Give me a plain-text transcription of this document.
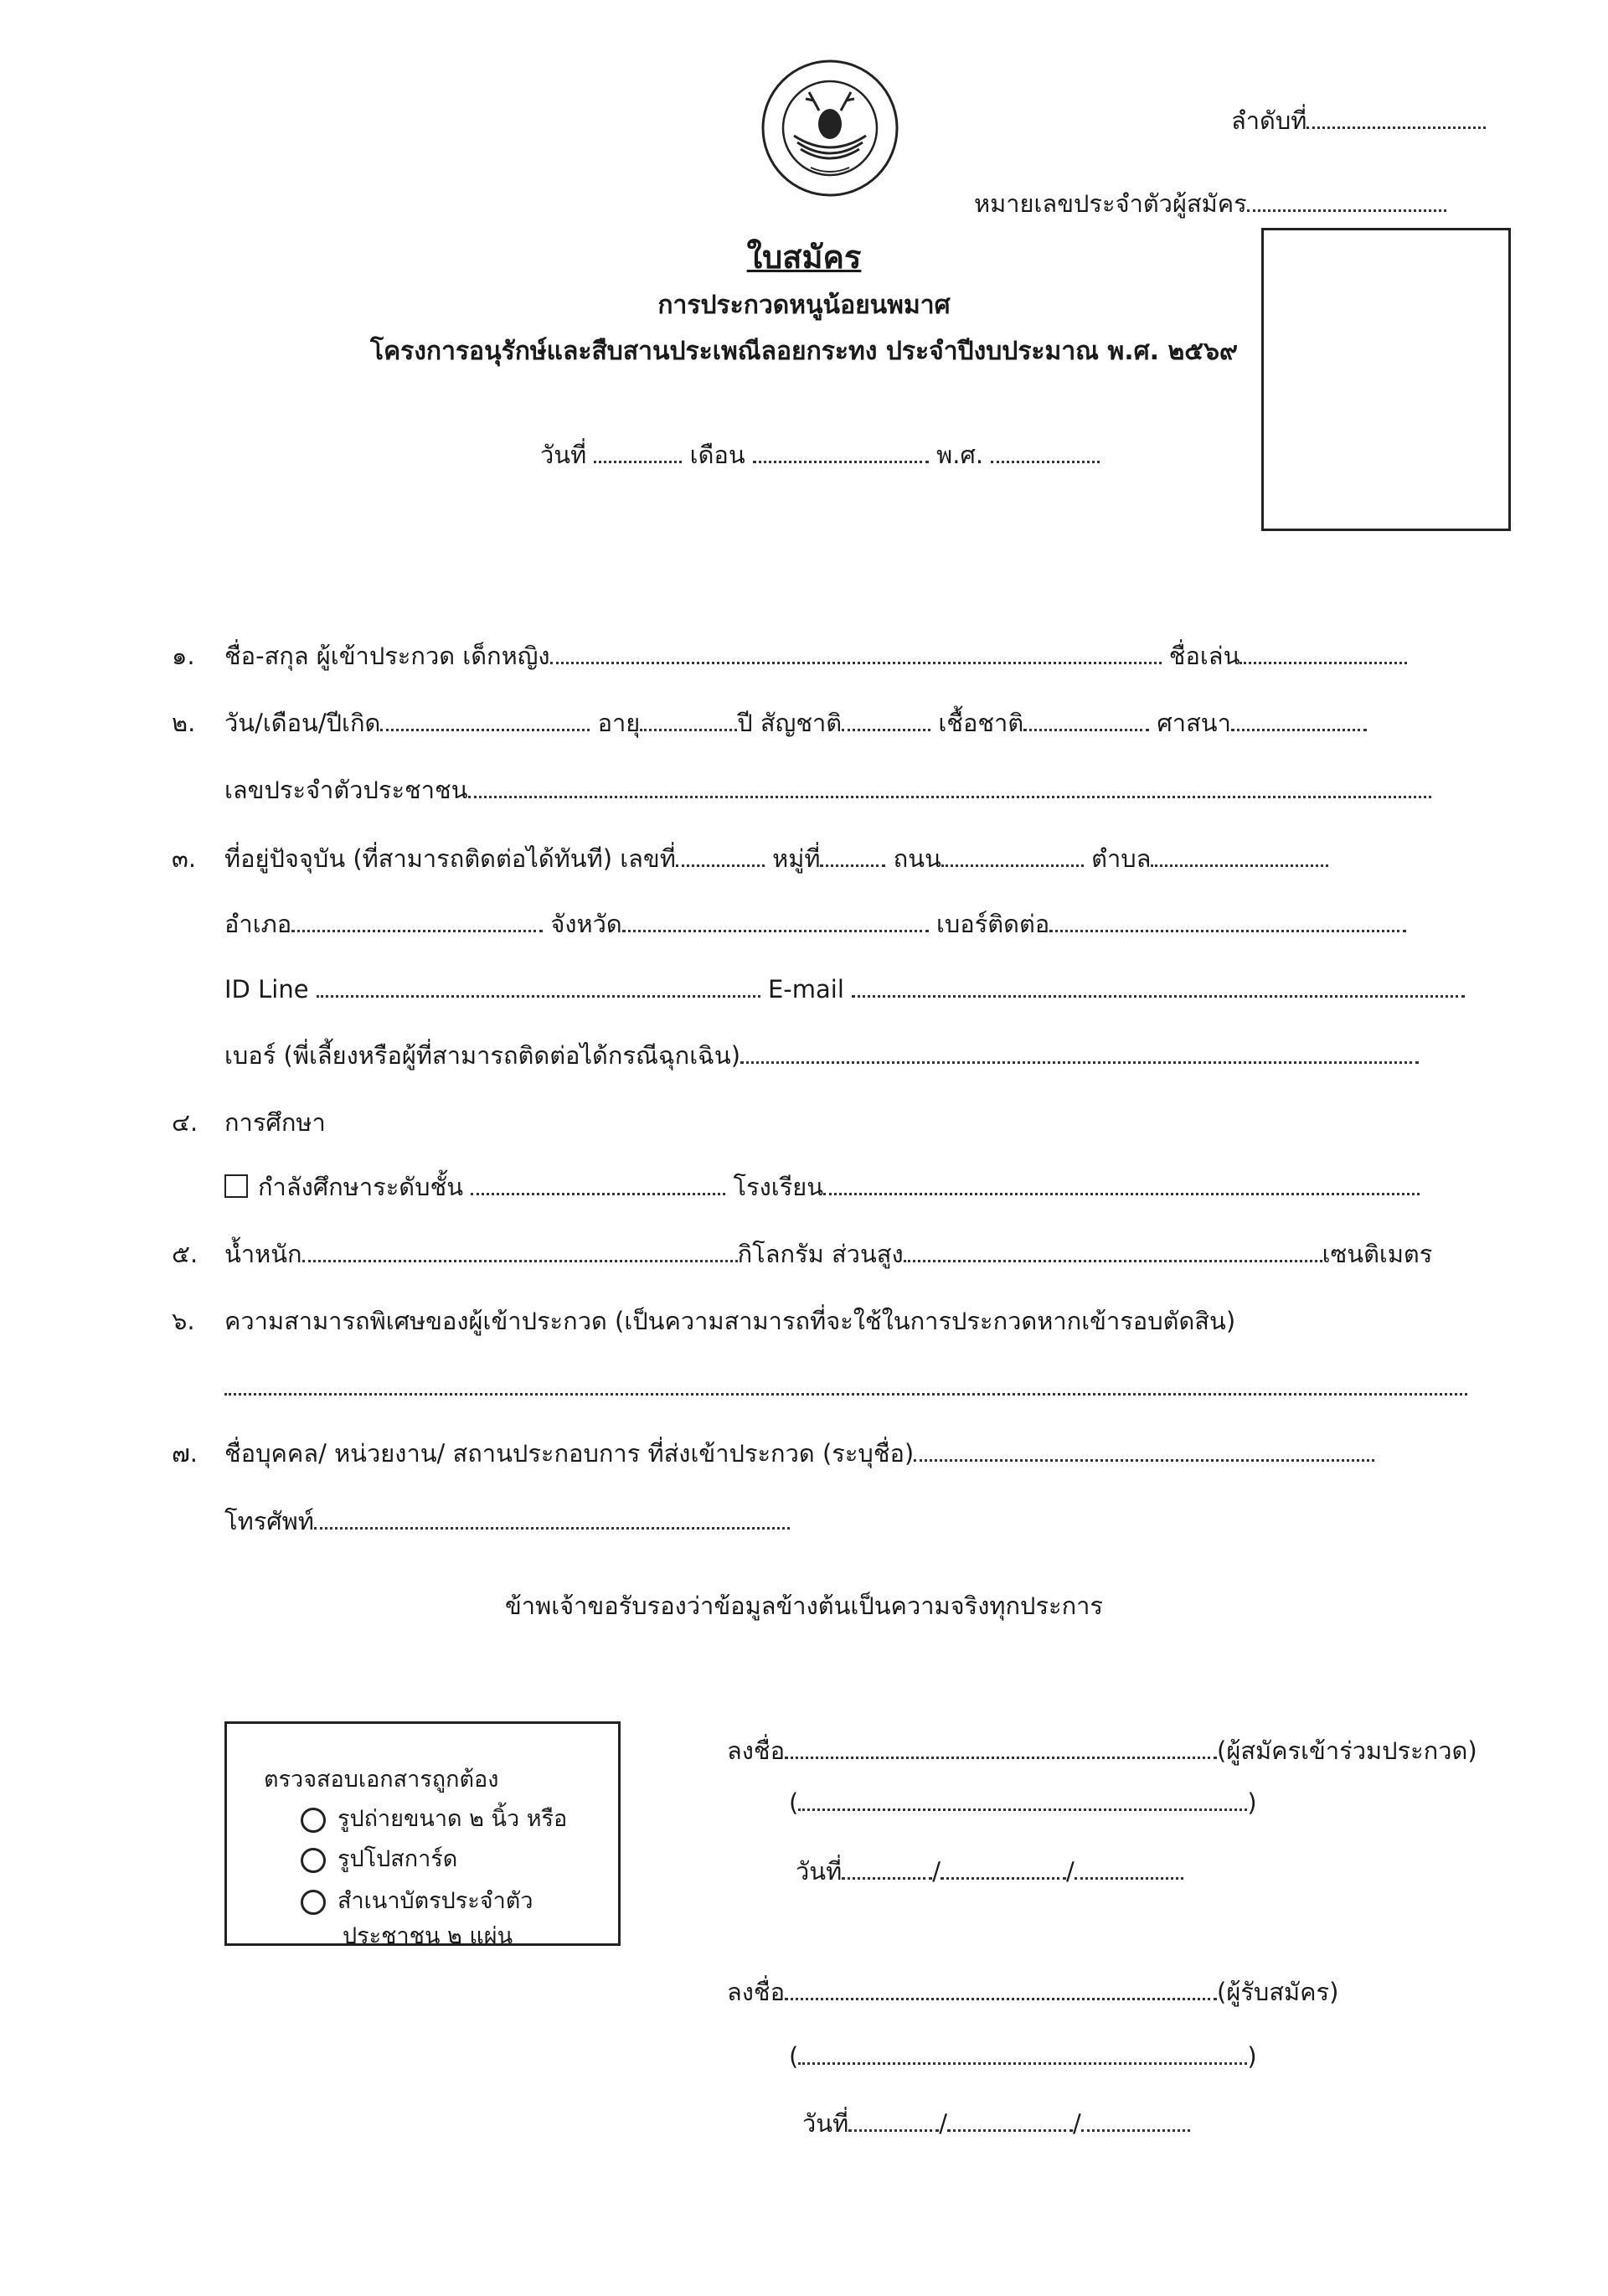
ลำดับที่
หมายเลขประจำตัวผู้สมัคร
ใบสมัคร
การประกวดหนูน้อยนพมาศ
โครงการอนุรักษ์และสืบสานประเพณีลอยกระทง ประจำปีงบประมาณ พ.ศ. ๒๕๖๙
วันที่	เดือน	พ.ศ.
๑. ชื่อ-สกุล ผู้เข้าประกวด เด็กหญิง	ชื่อเล่น
๒. วัน/เดือน/ปีเกิด	อายุ	ปี สัญชาติ	เชื้อชาติ	ศาสนา
เลขประจำตัวประชาชน
๓. ที่อยู่ปัจจุบัน (ที่สามารถติดต่อได้ทันที) เลขที่	หมู่ที่	ถนน	ตำบล
อำเภอ	จังหวัด	เบอร์ติดต่อ
ID Line	E-mail
เบอร์ (พี่เลี้ยงหรือผู้ที่สามารถติดต่อได้กรณีฉุกเฉิน)
๔. การศึกษา
กำลังศึกษาระดับชั้น	โรงเรียน
๕. น้ำหนัก	กิโลกรัม ส่วนสูง	เซนติเมตร
๖. ความสามารถพิเศษของผู้เข้าประกวด (เป็นความสามารถที่จะใช้ในการประกวดหากเข้ารอบตัดสิน)
๗. ชื่อบุคคล/ หน่วยงาน/ สถานประกอบการ ที่ส่งเข้าประกวด (ระบุชื่อ)
โทรศัพท์
ข้าพเจ้าขอรับรองว่าข้อมูลข้างต้นเป็นความจริงทุกประการ
ตรวจสอบเอกสารถูกต้อง
รูปถ่ายขนาด ๒ นิ้ว หรือ
รูปโปสการ์ด
สำเนาบัตรประจำตัว
ประชาชน ๒ แผ่น
ลงชื่อ	(ผู้สมัครเข้าร่วมประกวด)
(	)
วันที่	/	/
ลงชื่อ	(ผู้รับสมัคร)
(	)
วันที่	/	/
